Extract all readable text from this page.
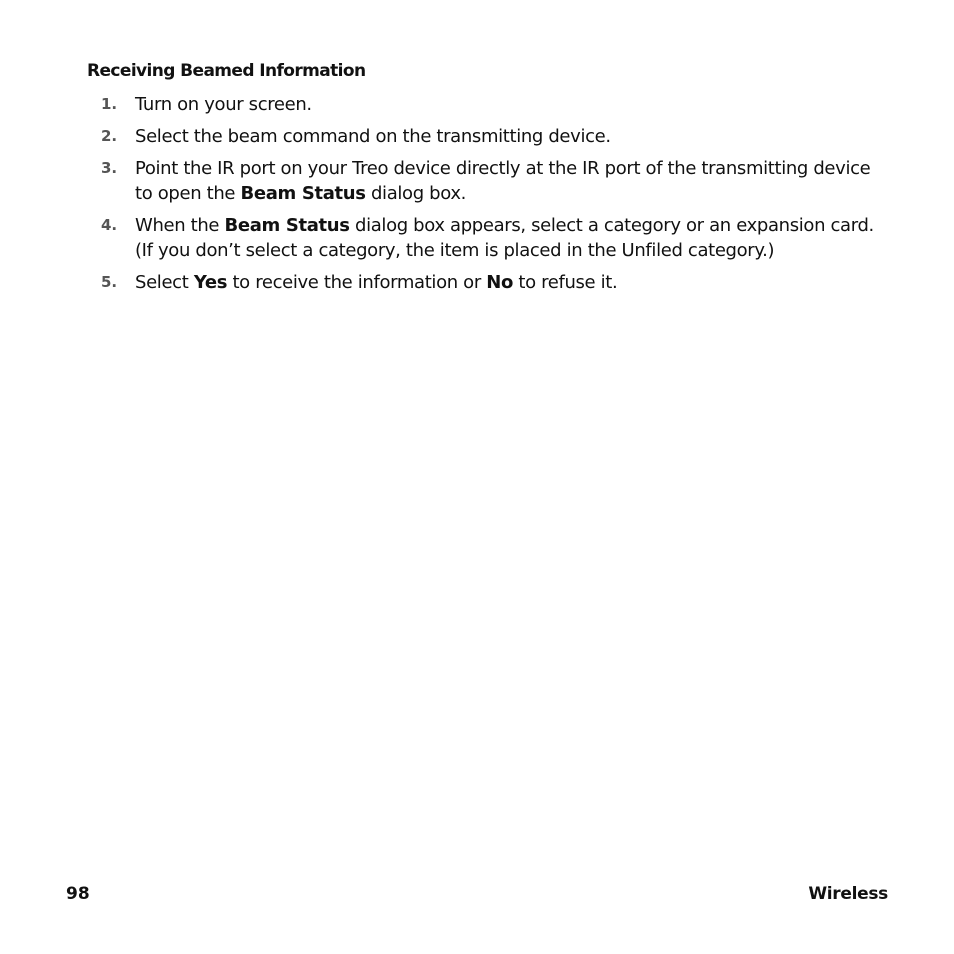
Receiving Beamed Information
1. Turn on your screen.
2. Select the beam command on the transmitting device.
3. Point the IR port on your Treo device directly at the IR port of the transmitting device
to open the Beam Status dialog box.
4. When the Beam Status dialog box appears, select a category or an expansion card.
(If you don’t select a category, the item is placed in the Unfiled category.)
5. Select Yes to receive the information or No to refuse it.
98	Wireless
